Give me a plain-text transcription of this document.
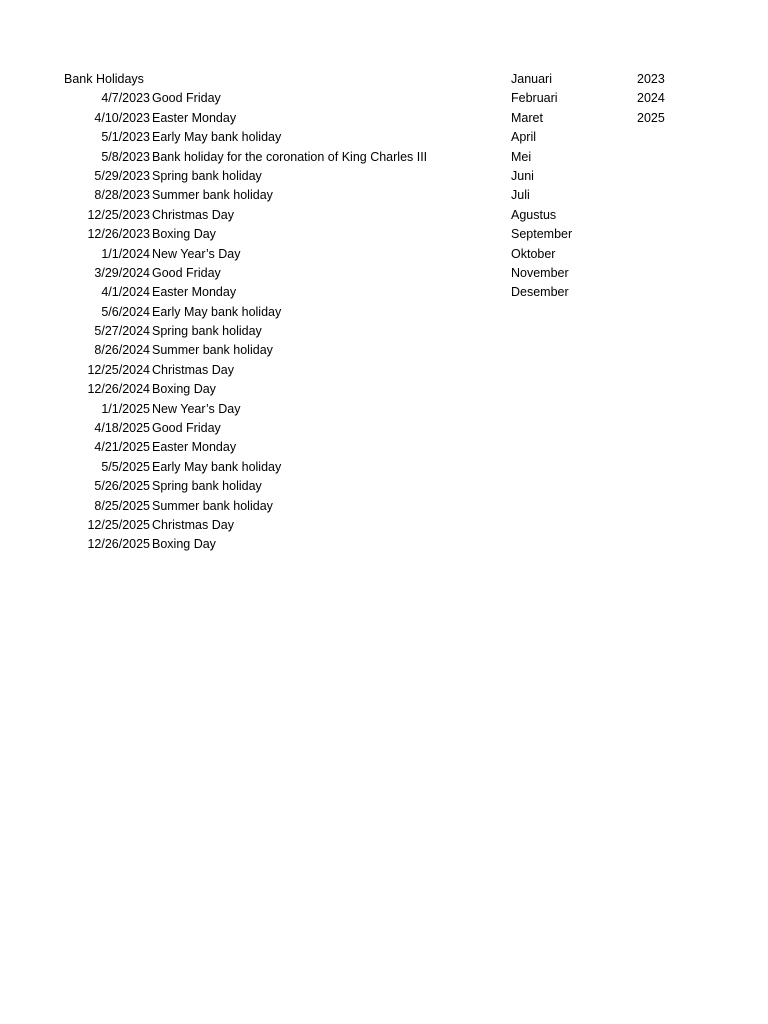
Bank Holidays
4/7/2023 Good Friday
4/10/2023 Easter Monday
5/1/2023 Early May bank holiday
5/8/2023 Bank holiday for the coronation of King Charles III
5/29/2023 Spring bank holiday
8/28/2023 Summer bank holiday
12/25/2023 Christmas Day
12/26/2023 Boxing Day
1/1/2024 New Year’s Day
3/29/2024 Good Friday
4/1/2024 Easter Monday
5/6/2024 Early May bank holiday
5/27/2024 Spring bank holiday
8/26/2024 Summer bank holiday
12/25/2024 Christmas Day
12/26/2024 Boxing Day
1/1/2025 New Year’s Day
4/18/2025 Good Friday
4/21/2025 Easter Monday
5/5/2025 Early May bank holiday
5/26/2025 Spring bank holiday
8/25/2025 Summer bank holiday
12/25/2025 Christmas Day
12/26/2025 Boxing Day
Januari
Februari
Maret
April
Mei
Juni
Juli
Agustus
September
Oktober
November
Desember
2023
2024
2025
